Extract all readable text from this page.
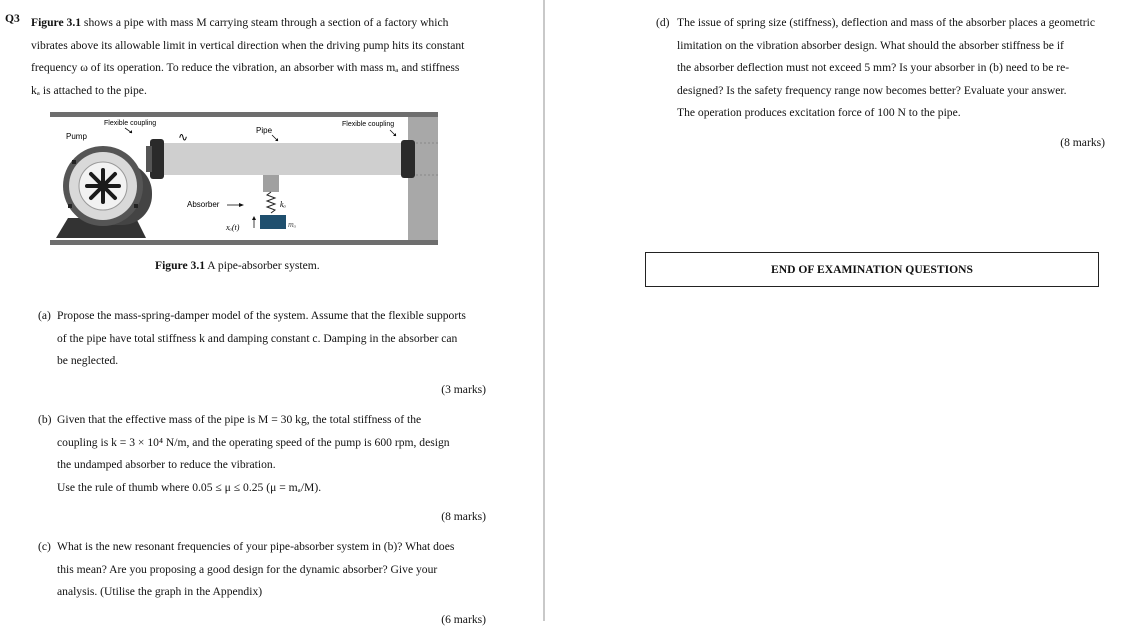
Q3 Figure 3.1 shows a pipe with mass M carrying steam through a section of a factory which
vibrates above its allowable limit in vertical direction when the driving pump hits its constant
frequency ω of its operation. To reduce the vibration, an absorber with mass mₐ and stiffness
kₐ is attached to the pipe.
Flexible coupling	Flexible coupling
Pipe
Pump	∿
Absorber	kₐ
mₐ
xₐ(t)
Figure 3.1 A pipe-absorber system.
(a) Propose the mass-spring-damper model of the system. Assume that the flexible supports
of the pipe have total stiffness k and damping constant c. Damping in the absorber can
be neglected.
(3 marks)
(b) Given that the effective mass of the pipe is M = 30 kg, the total stiffness of the
coupling is k = 3 × 10⁴ N/m, and the operating speed of the pump is 600 rpm, design
the undamped absorber to reduce the vibration.
Use the rule of thumb where 0.05 ≤ μ ≤ 0.25 (μ = mₐ/M).
(8 marks)
(c) What is the new resonant frequencies of your pipe-absorber system in (b)? What does
this mean? Are you proposing a good design for the dynamic absorber? Give your
analysis. (Utilise the graph in the Appendix)
(6 marks)
(d) The issue of spring size (stiffness), deflection and mass of the absorber places a geometric
limitation on the vibration absorber design. What should the absorber stiffness be if
the absorber deflection must not exceed 5 mm? Is your absorber in (b) need to be re-
designed? Is the safety frequency range now becomes better? Evaluate your answer.
The operation produces excitation force of 100 N to the pipe.
(8 marks)
END OF EXAMINATION QUESTIONS
